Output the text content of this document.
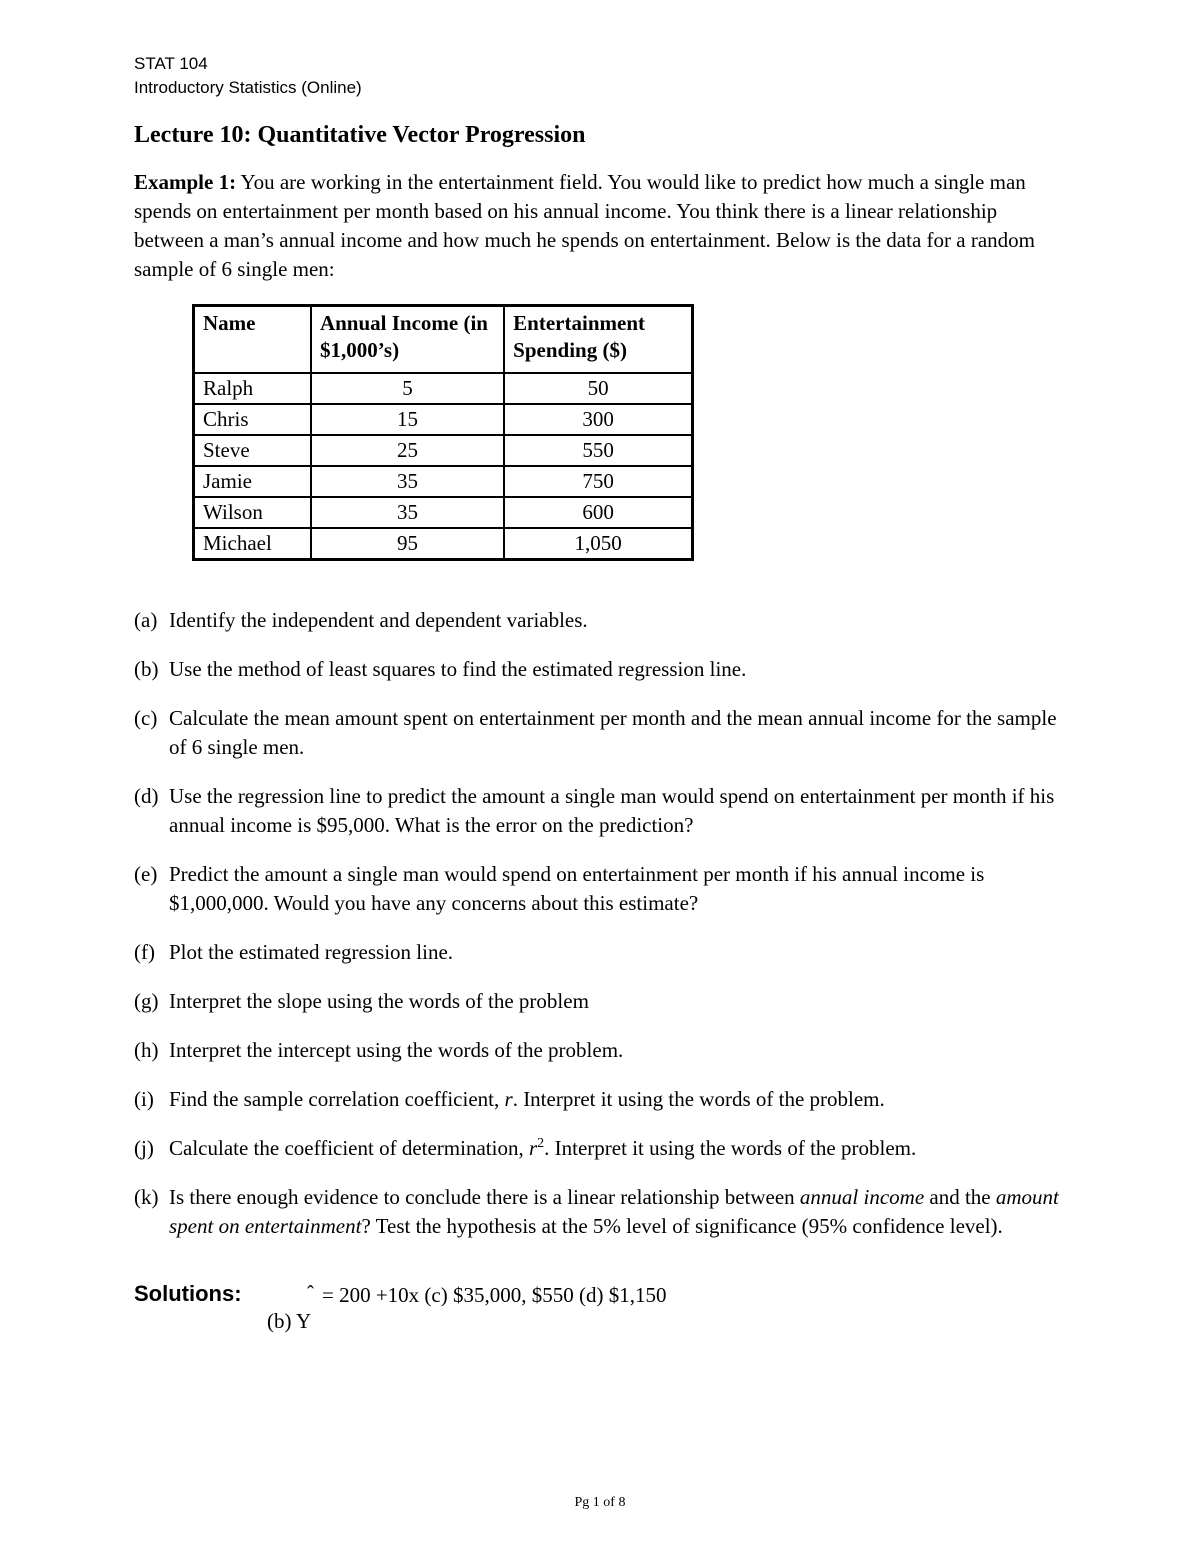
STAT 104
Introductory Statistics (Online)
Lecture 10: Quantitative Vector Progression

Example 1: You are working in the entertainment field. You would like to predict how much a single man spends on entertainment per month based on his annual income. You think there is a linear relationship between a man’s annual income and how much he spends on entertainment. Below is the data for a random sample of 6 single men:

Name	Annual Income (in $1,000’s)	Entertainment Spending ($)
Ralph	5	50
Chris	15	300
Steve	25	550
Jamie	35	750
Wilson	35	600
Michael	95	1,050
(a) Identify the independent and dependent variables.
(b) Use the method of least squares to find the estimated regression line.
(c) Calculate the mean amount spent on entertainment per month and the mean annual income for the sample of 6 single men.
(d) Use the regression line to predict the amount a single man would spend on entertainment per month if his annual income is $95,000. What is the error on the prediction?
(e) Predict the amount a single man would spend on entertainment per month if his annual income is $1,000,000. Would you have any concerns about this estimate?
(f) Plot the estimated regression line.
(g) Interpret the slope using the words of the problem
(h) Interpret the intercept using the words of the problem.
(i) Find the sample correlation coefficient, r. Interpret it using the words of the problem.
(j) Calculate the coefficient of determination, $r^2$. Interpret it using the words of the problem.
(k) Is there enough evidence to conclude there is a linear relationship between annual income and the amount spent on entertainment? Test the hypothesis at the 5% level of significance (95% confidence level).
Solutions:	ˆ = 200 +10x (c) $35,000, $550 (d) $1,150
(b) Y
Pg 1 of 8
